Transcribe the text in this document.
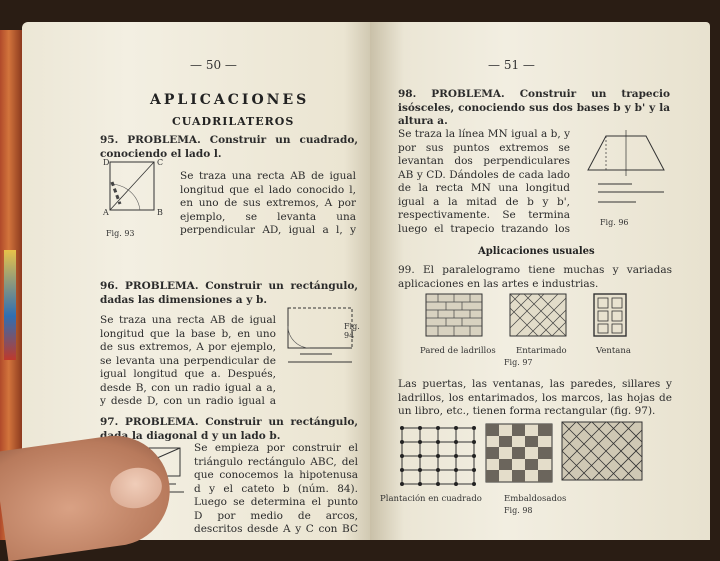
— 50 —
APLICACIONES
CUADRILATEROS
95. PROBLEMA. Construir un cuadrado, conociendo el lado l.
D	C
A	B
Fig. 93
Se traza una recta AB de igual longitud que el lado conocido l, en uno de sus extremos, A por ejemplo, se levanta una perpendicular AD, igual a l, y
96. PROBLEMA. Construir un rectángulo, dadas las dimensiones a y b.
Fig. 94
Se traza una recta AB de igual longitud que la base b, en uno de sus extremos, A por ejemplo, se levanta una perpendicular de igual longitud que a. Después, desde B, con un radio igual a a, y desde D, con un radio igual a
97. PROBLEMA. Construir un rectángulo, dada la diagonal d y un lado b.
Se empieza por construir el triángulo rectángulo ABC, del que conocemos la hipotenusa d y el cateto b (núm. 84). Luego se determina el punto D por medio de arcos, descritos desde A y C con BC
— 51 —
98. PROBLEMA. Construir un trapecio isósceles, conociendo sus dos bases b y b' y la altura a.
Se traza la línea MN igual a b, y por sus puntos extremos se levantan dos perpendiculares AB y CD. Dándoles de cada lado de la recta MN una longitud igual a la mitad de b y b', respectivamente. Se termina luego el trapecio trazando los	Fig. 96
Aplicaciones usuales
99. El paralelogramo tiene muchas y variadas aplicaciones en las artes e industrias.
Pared de ladrillos Entarimado	Ventana
Fig. 97
Las puertas, las ventanas, las paredes, sillares y ladrillos, los entarimados, los marcos, las hojas de un libro, etc., tienen forma rectangular (fig. 97).
Plantación en cuadrado	Embaldosados
Fig. 98
